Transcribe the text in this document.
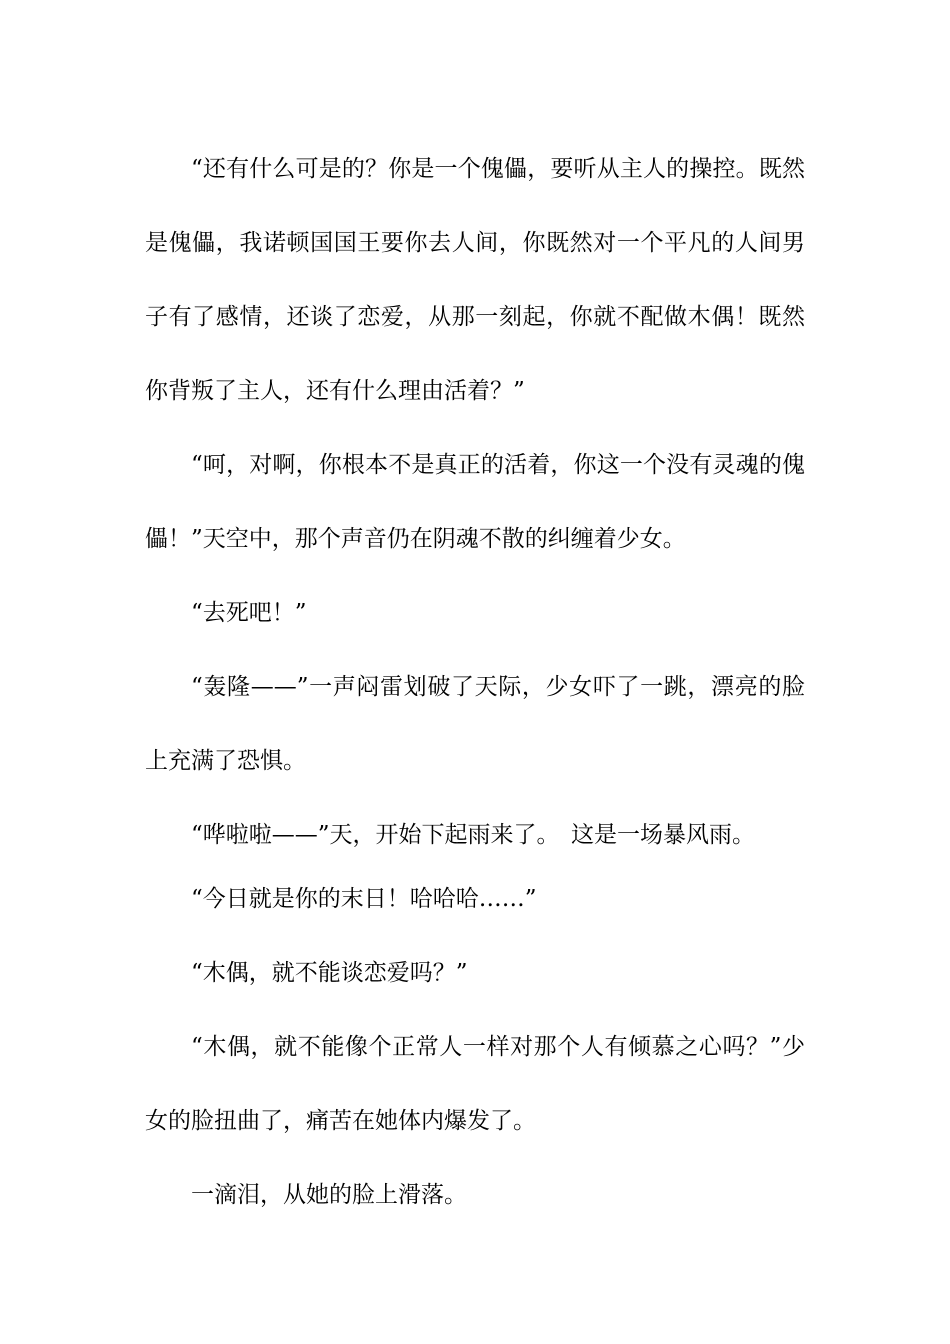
“还有什么可是的？你是一个傀儡，要听从主人的操控。既然是傀儡，我诺顿国国王要你去人间，你既然对一个平凡的人间男子有了感情，还谈了恋爱，从那一刻起，你就不配做木偶！既然你背叛了主人，还有什么理由活着？”

“呵，对啊，你根本不是真正的活着，你这一个没有灵魂的傀儡！”天空中，那个声音仍在阴魂不散的纠缠着少女。

“去死吧！”

“轰隆——”一声闷雷划破了天际，少女吓了一跳，漂亮的脸上充满了恐惧。

“哗啦啦——”天，开始下起雨来了。　这是一场暴风雨。

“今日就是你的末日！哈哈哈……”

“木偶，就不能谈恋爱吗？”

“木偶，就不能像个正常人一样对那个人有倾慕之心吗？”少女的脸扭曲了，痛苦在她体内爆发了。

一滴泪，从她的脸上滑落。
